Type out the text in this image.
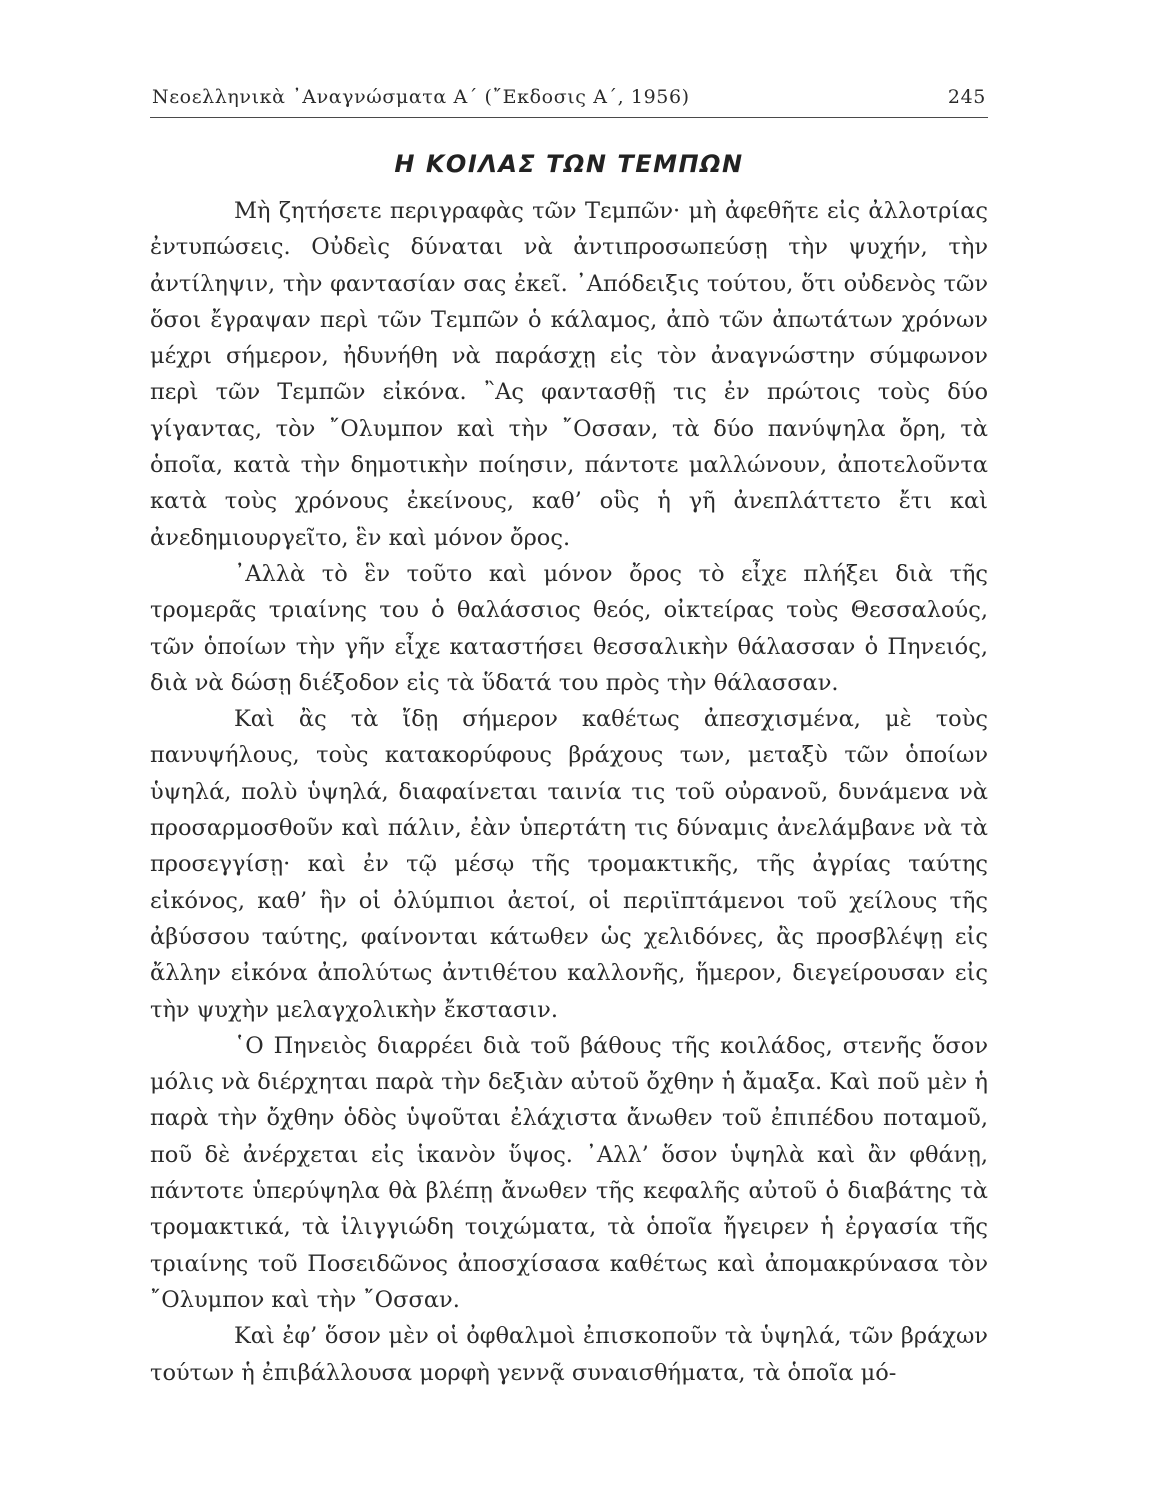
Νεοελληνικὰ ᾿Αναγνώσματα Α΄ (῎Εκδοσις Α΄, 1956)	245
Η ΚΟΙΛΑΣ ΤΩΝ ΤΕΜΠΩΝ

Μὴ ζητήσετε περιγραφὰς τῶν Τεμπῶν· μὴ ἀφεθῆτε εἰς ἀλλοτρίας ἐντυπώσεις. Οὐδεὶς δύναται νὰ ἀντιπροσωπεύσῃ τὴν ψυχήν, τὴν ἀντίληψιν, τὴν φαντασίαν σας ἐκεῖ. ᾿Απόδειξις τούτου, ὅτι οὐδενὸς τῶν ὅσοι ἔγραψαν περὶ τῶν Τεμπῶν ὁ κάλαμος, ἀπὸ τῶν ἀπωτάτων χρόνων μέχρι σήμερον, ἠδυνήθη νὰ παράσχῃ εἰς τὸν ἀναγνώστην σύμφωνον περὶ τῶν Τεμπῶν εἰκόνα. ῍Ας φαντασθῇ τις ἐν πρώτοις τοὺς δύο γίγαντας, τὸν ῎Ολυμπον καὶ τὴν ῎Οσσαν, τὰ δύο πανύψηλα ὄρη, τὰ ὁποῖα, κατὰ τὴν δημοτικὴν ποίησιν, πάντοτε μαλλώνουν, ἀποτελοῦντα κατὰ τοὺς χρόνους ἐκείνους, καθ’ οὓς ἡ γῆ ἀνεπλάττετο ἔτι καὶ ἀνεδημιουργεῖτο, ἓν καὶ μόνον ὄρος.

᾿Αλλὰ τὸ ἓν τοῦτο καὶ μόνον ὄρος τὸ εἶχε πλήξει διὰ τῆς τρομερᾶς τριαίνης του ὁ θαλάσσιος θεός, οἰκτείρας τοὺς Θεσσαλούς, τῶν ὁποίων τὴν γῆν εἶχε καταστήσει θεσσαλικὴν θάλασσαν ὁ Πηνειός, διὰ νὰ δώσῃ διέξοδον εἰς τὰ ὕδατά του πρὸς τὴν θάλασσαν.

Καὶ ἂς τὰ ἴδῃ σήμερον καθέτως ἀπεσχισμένα, μὲ τοὺς πανυψήλους, τοὺς κατακορύφους βράχους των, μεταξὺ τῶν ὁποίων ὑψηλά, πολὺ ὑψηλά, διαφαίνεται ταινία τις τοῦ οὐρανοῦ, δυνάμενα νὰ προσαρμοσθοῦν καὶ πάλιν, ἐὰν ὑπερτάτη τις δύναμις ἀνελάμβανε νὰ τὰ προσεγγίσῃ· καὶ ἐν τῷ μέσῳ τῆς τρομακτικῆς, τῆς ἀγρίας ταύτης εἰκόνος, καθ’ ἣν οἱ ὀλύμπιοι ἀετοί, οἱ περιϊπτάμενοι τοῦ χείλους τῆς ἀβύσσου ταύτης, φαίνονται κάτωθεν ὡς χελιδόνες, ἂς προσβλέψῃ εἰς ἄλλην εἰκόνα ἀπολύτως ἀντιθέτου καλλονῆς, ἥμερον, διεγείρουσαν εἰς τὴν ψυχὴν μελαγχολικὴν ἔκστασιν.

῾Ο Πηνειὸς διαρρέει διὰ τοῦ βάθους τῆς κοιλάδος, στενῆς ὅσον μόλις νὰ διέρχηται παρὰ τὴν δεξιὰν αὐτοῦ ὄχθην ἡ ἄμαξα. Καὶ ποῦ μὲν ἡ παρὰ τὴν ὄχθην ὁδὸς ὑψοῦται ἐλάχιστα ἄνωθεν τοῦ ἐπιπέδου ποταμοῦ, ποῦ δὲ ἀνέρχεται εἰς ἱκανὸν ὕψος. ᾿Αλλ’ ὅσον ὑψηλὰ καὶ ἂν φθάνῃ, πάντοτε ὑπερύψηλα θὰ βλέπῃ ἄνωθεν τῆς κεφαλῆς αὐτοῦ ὁ διαβάτης τὰ τρομακτικά, τὰ ἰλιγγιώδη τοιχώματα, τὰ ὁποῖα ἤγειρεν ἡ ἐργασία τῆς τριαίνης τοῦ Ποσειδῶνος ἀποσχίσασα καθέτως καὶ ἀπομακρύνασα τὸν ῎Ολυμπον καὶ τὴν ῎Οσσαν.

Καὶ ἐφ’ ὅσον μὲν οἱ ὀφθαλμοὶ ἐπισκοποῦν τὰ ὑψηλά, τῶν βράχων τούτων ἡ ἐπιβάλλουσα μορφὴ γεννᾷ συναισθήματα, τὰ ὁποῖα μό-
